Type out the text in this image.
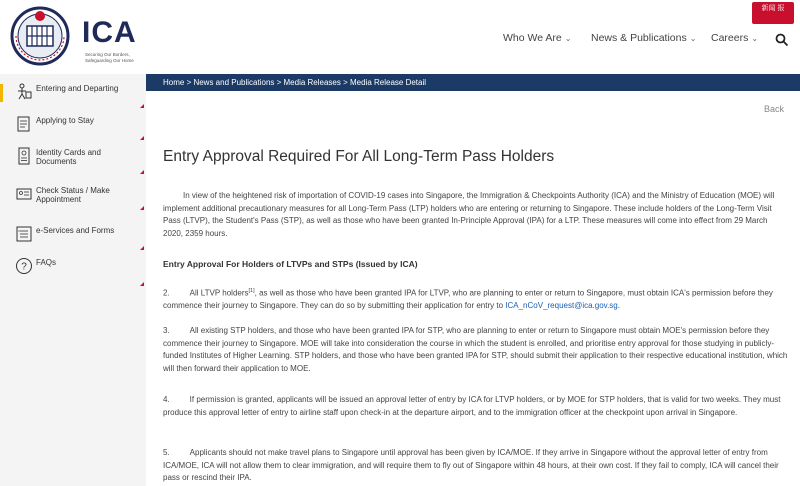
ICA
Securing Our Borders, Safeguarding Our Home
Who We Are ⌄ News & Publications ⌄ Careers ⌄
新闻 报
Entering and Departing
Applying to Stay
Identity Cards and Documents
Check Status / Make Appointment
e-Services and Forms
? FAQs
Home > News and Publications > Media Releases > Media Release Detail
Back
Entry Approval Required For All Long-Term Pass Holders

In view of the heightened risk of importation of COVID-19 cases into Singapore, the Immigration & Checkpoints Authority (ICA) and the Ministry of Education (MOE) will implement additional precautionary measures for all Long-Term Pass (LTP) holders who are entering or returning to Singapore. These include holders of the Long-Term Visit Pass (LTVP), the Student's Pass (STP), as well as those who have been granted In-Principle Approval (IPA) for a LTP. These measures will come into effect from 29 March 2020, 2359 hours.

Entry Approval For Holders of LTVPs and STPs (Issued by ICA)

2.	All LTVP holders[1], as well as those who have been granted IPA for LTVP, who are planning to enter or return to Singapore, must obtain ICA's permission before they commence their journey to Singapore. They can do so by submitting their application for entry to ICA_nCoV_request@ica.gov.sg.

3.	All existing STP holders, and those who have been granted IPA for STP, who are planning to enter or return to Singapore must obtain MOE's permission before they commence their journey to Singapore. MOE will take into consideration the course in which the student is enrolled, and prioritise entry approval for those studying in publicly-funded Institutes of Higher Learning. STP holders, and those who have been granted IPA for STP, should submit their application to their respective educational institution, which will then forward their application to MOE.

4.	If permission is granted, applicants will be issued an approval letter of entry by ICA for LTVP holders, or by MOE for STP holders, that is valid for two weeks. They must produce this approval letter of entry to airline staff upon check-in at the departure airport, and to the immigration officer at the checkpoint upon arrival in Singapore.

5.	Applicants should not make travel plans to Singapore until approval has been given by ICA/MOE. If they arrive in Singapore without the approval letter of entry from ICA/MOE, ICA will not allow them to clear immigration, and will require them to fly out of Singapore within 48 hours, at their own cost. If they fail to comply, ICA will cancel their pass or rescind their IPA.
